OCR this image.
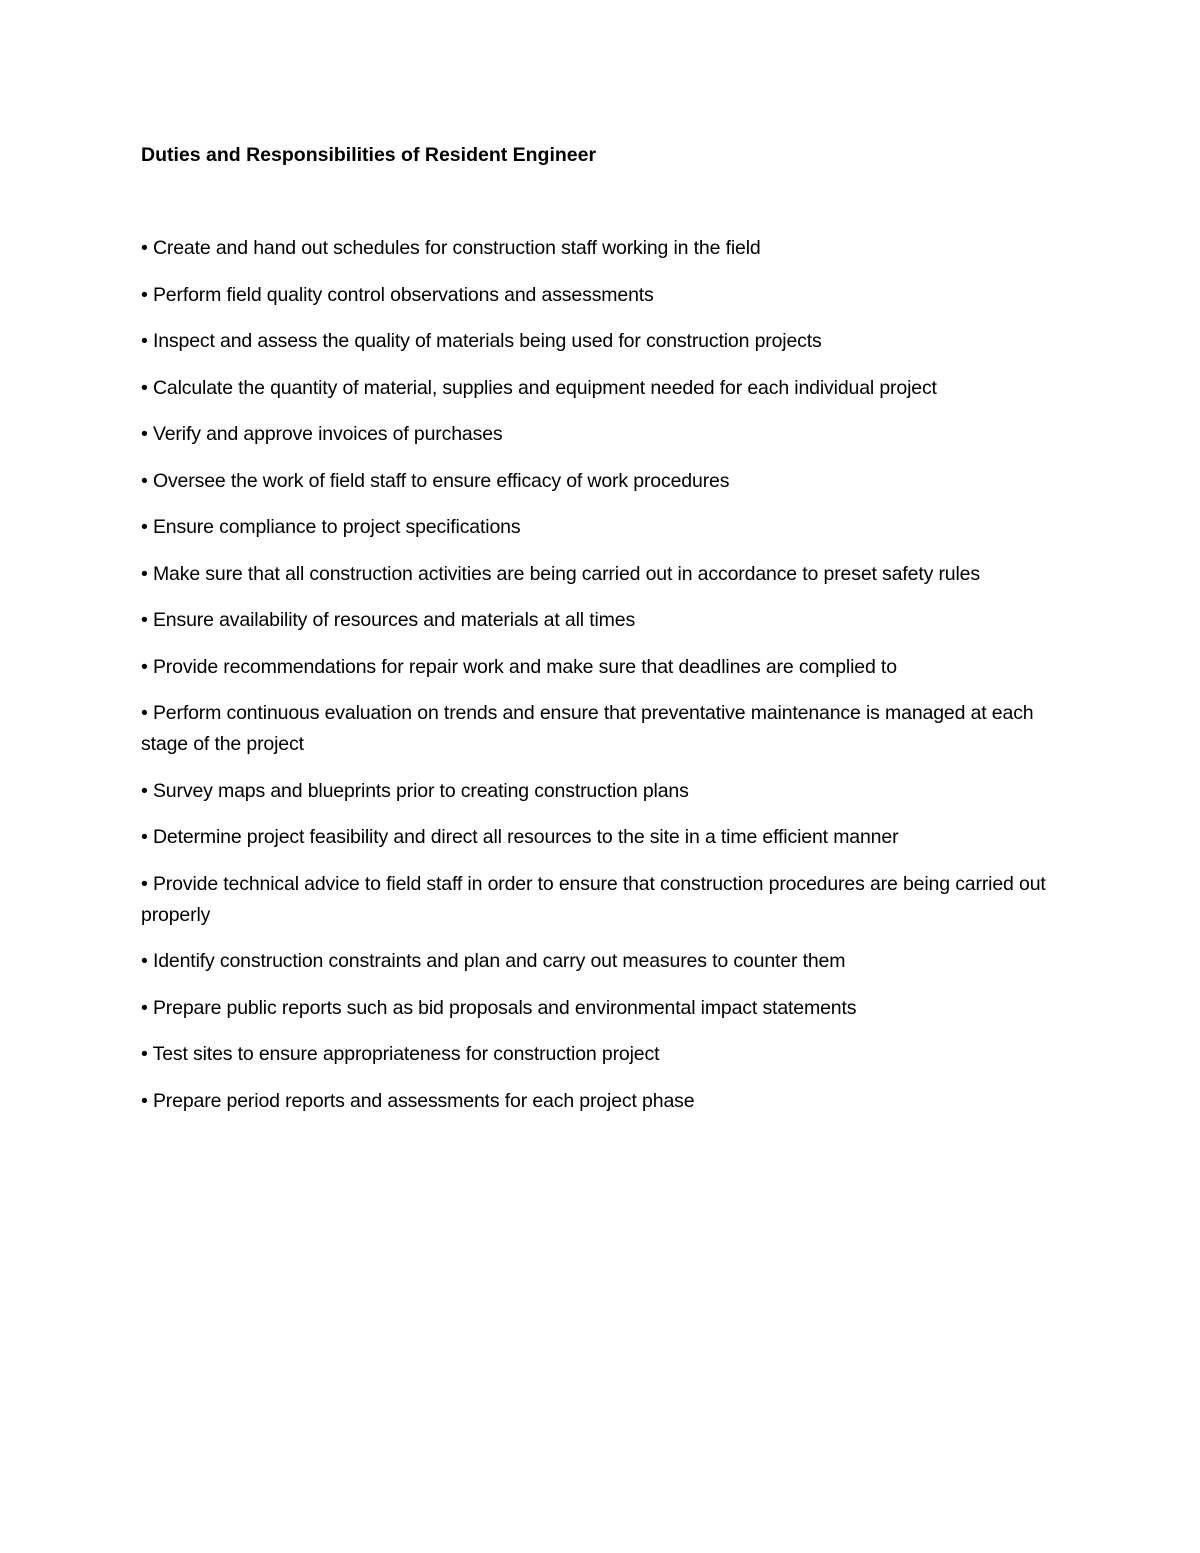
Duties and Responsibilities of Resident Engineer
• Create and hand out schedules for construction staff working in the field
• Perform field quality control observations and assessments
• Inspect and assess the quality of materials being used for construction projects
• Calculate the quantity of material, supplies and equipment needed for each individual project
• Verify and approve invoices of purchases
• Oversee the work of field staff to ensure efficacy of work procedures
• Ensure compliance to project specifications
• Make sure that all construction activities are being carried out in accordance to preset safety rules
• Ensure availability of resources and materials at all times
• Provide recommendations for repair work and make sure that deadlines are complied to
• Perform continuous evaluation on trends and ensure that preventative maintenance is managed at each stage of the project
• Survey maps and blueprints prior to creating construction plans
• Determine project feasibility and direct all resources to the site in a time efficient manner
• Provide technical advice to field staff in order to ensure that construction procedures are being carried out properly
• Identify construction constraints and plan and carry out measures to counter them
• Prepare public reports such as bid proposals and environmental impact statements
• Test sites to ensure appropriateness for construction project
• Prepare period reports and assessments for each project phase
